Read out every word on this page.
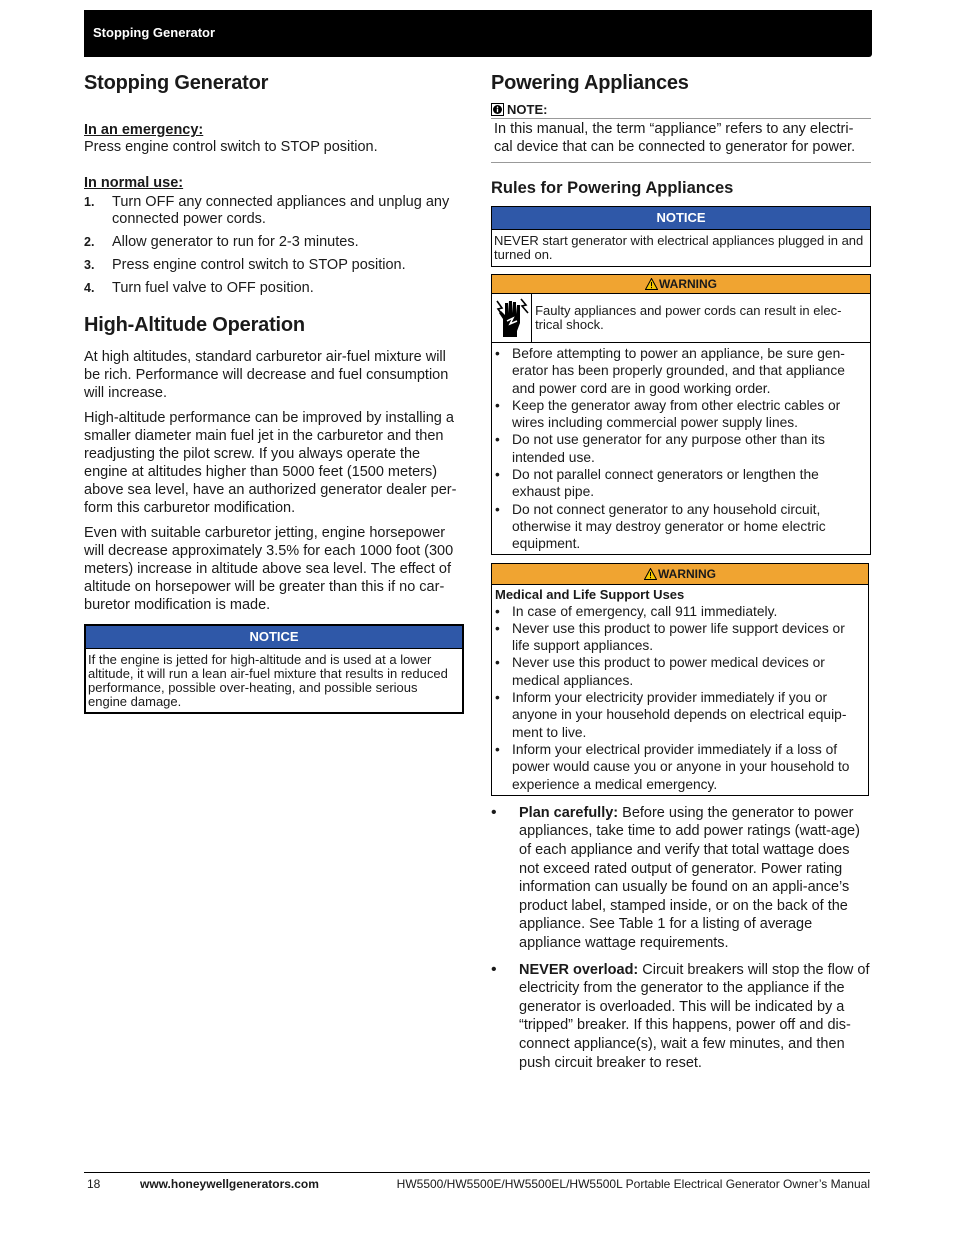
Stopping Generator
Stopping Generator
In an emergency:

Press engine control switch to STOP position.

In normal use:
1. Turn OFF any connected appliances and unplug any connected power cords.
2. Allow generator to run for 2-3 minutes.
3. Press engine control switch to STOP position.
4. Turn fuel valve to OFF position.
High-Altitude Operation

At high altitudes, standard carburetor air-fuel mixture will be rich. Performance will decrease and fuel consumption will increase.

High-altitude performance can be improved by installing a smaller diameter main fuel jet in the carburetor and then readjusting the pilot screw. If you always operate the engine at altitudes higher than 5000 feet (1500 meters) above sea level, have an authorized generator dealer per-form this carburetor modification.

Even with suitable carburetor jetting, engine horsepower will decrease approximately 3.5% for each 1000 foot (300 meters) increase in altitude above sea level. The effect of altitude on horsepower will be greater than this if no car-buretor modification is made.

NOTICE
If the engine is jetted for high-altitude and is used at a lower altitude, it will run a lean air-fuel mixture that results in reduced performance, possible over-heating, and possible serious engine damage.
Powering Appliances
NOTE:

In this manual, the term “appliance” refers to any electri-cal device that can be connected to generator for power.

Rules for Powering Appliances
NOTICE
NEVER start generator with electrical appliances plugged in and turned on.
WARNING
Faulty appliances and power cords can result in elec-trical shock.
• Before attempting to power an appliance, be sure gen-erator has been properly grounded, and that appliance and power cord are in good working order.
• Keep the generator away from other electric cables or wires including commercial power supply lines.
• Do not use generator for any purpose other than its intended use.
• Do not parallel connect generators or lengthen the exhaust pipe.
• Do not connect generator to any household circuit, otherwise it may destroy generator or home electric equipment.
WARNING
Medical and Life Support Uses
• In case of emergency, call 911 immediately.
• Never use this product to power life support devices or life support appliances.
• Never use this product to power medical devices or medical appliances.
• Inform your electricity provider immediately if you or anyone in your household depends on electrical equip-ment to live.
• Inform your electrical provider immediately if a loss of power would cause you or anyone in your household to experience a medical emergency.
• Plan carefully: Before using the generator to power appliances, take time to add power ratings (watt-age) of each appliance and verify that total wattage does not exceed rated output of generator. Power rating information can usually be found on an appli-ance’s product label, stamped inside, or on the back of the appliance. See Table 1 for a listing of average appliance wattage requirements.
• NEVER overload: Circuit breakers will stop the flow of electricity from the generator to the appliance if the generator is overloaded. This will be indicated by a “tripped” breaker. If this happens, power off and dis-connect appliance(s), wait a few minutes, and then push circuit breaker to reset.
18	www.honeywellgenerators.com	HW5500/HW5500E/HW5500EL/HW5500L Portable Electrical Generator Owner’s Manual
